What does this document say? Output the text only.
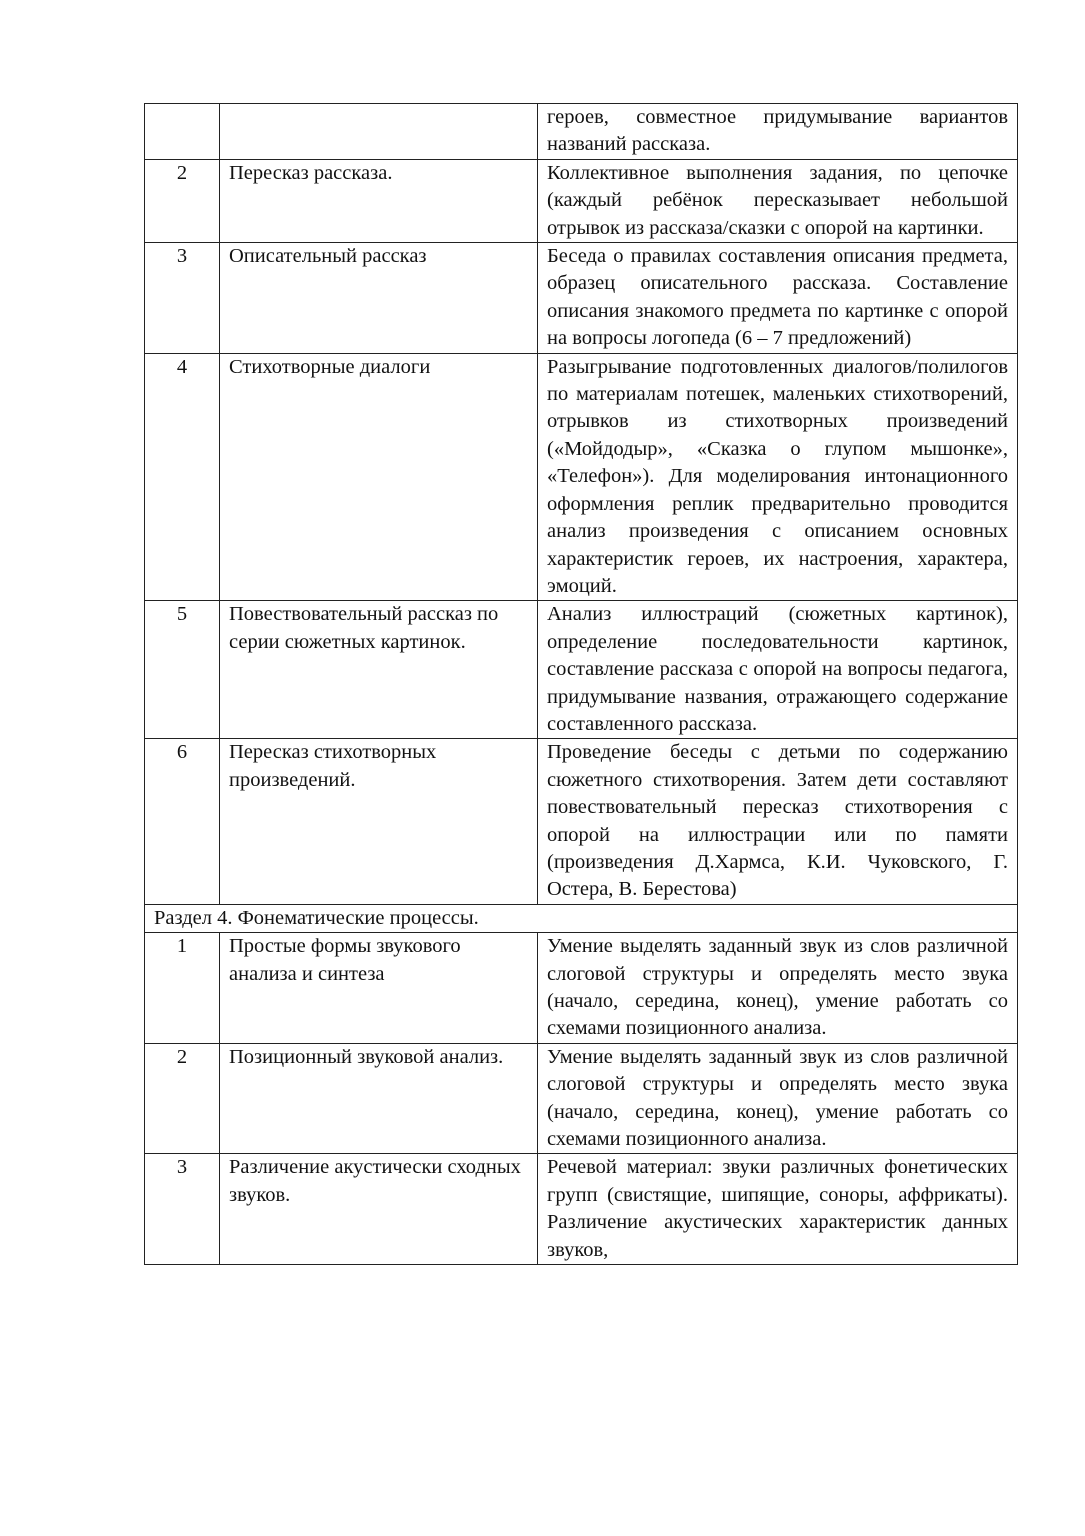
		героев, совместное придумывание вариантов названий рассказа.
2	Пересказ рассказа.	Коллективное выполнения задания, по цепочке (каждый ребёнок пересказывает небольшой отрывок из рассказа/сказки с опорой на картинки.
3	Описательный рассказ	Беседа о правилах составления описания предмета, образец описательного рассказа. Составление описания знакомого предмета по картинке с опорой на вопросы логопеда (6 – 7 предложений)
4	Стихотворные диалоги	Разыгрывание подготовленных диалогов/полилогов по материалам потешек, маленьких стихотворений, отрывков из стихотворных произведений («Мойдодыр», «Сказка о глупом мышонке», «Телефон»). Для моделирования интонационного оформления реплик предварительно проводится анализ произведения с описанием основных характеристик героев, их настроения, характера, эмоций.
5	Повествовательный рассказ по серии сюжетных картинок.	Анализ иллюстраций (сюжетных картинок), определение последовательности картинок, составление рассказа с опорой на вопросы педагога, придумывание названия, отражающего содержание составленного рассказа.
6	Пересказ стихотворных произведений.	Проведение беседы с детьми по содержанию сюжетного стихотворения. Затем дети составляют повествовательный пересказ стихотворения с опорой на иллюстрации или по памяти (произведения Д.Хармса, К.И. Чуковского, Г. Остера, В. Берестова)
Раздел 4. Фонематические процессы.		
1	Простые формы звукового анализа и синтеза	Умение выделять заданный звук из слов различной слоговой структуры и определять место звука (начало, середина, конец), умение работать со схемами позиционного анализа.
2	Позиционный звуковой анализ.	Умение выделять заданный звук из слов различной слоговой структуры и определять место звука (начало, середина, конец), умение работать со схемами позиционного анализа.
3	Различение акустически сходных звуков.	Речевой материал: звуки различных фонетических групп (свистящие, шипящие, соноры, аффрикаты). Различение акустических характеристик данных звуков,
